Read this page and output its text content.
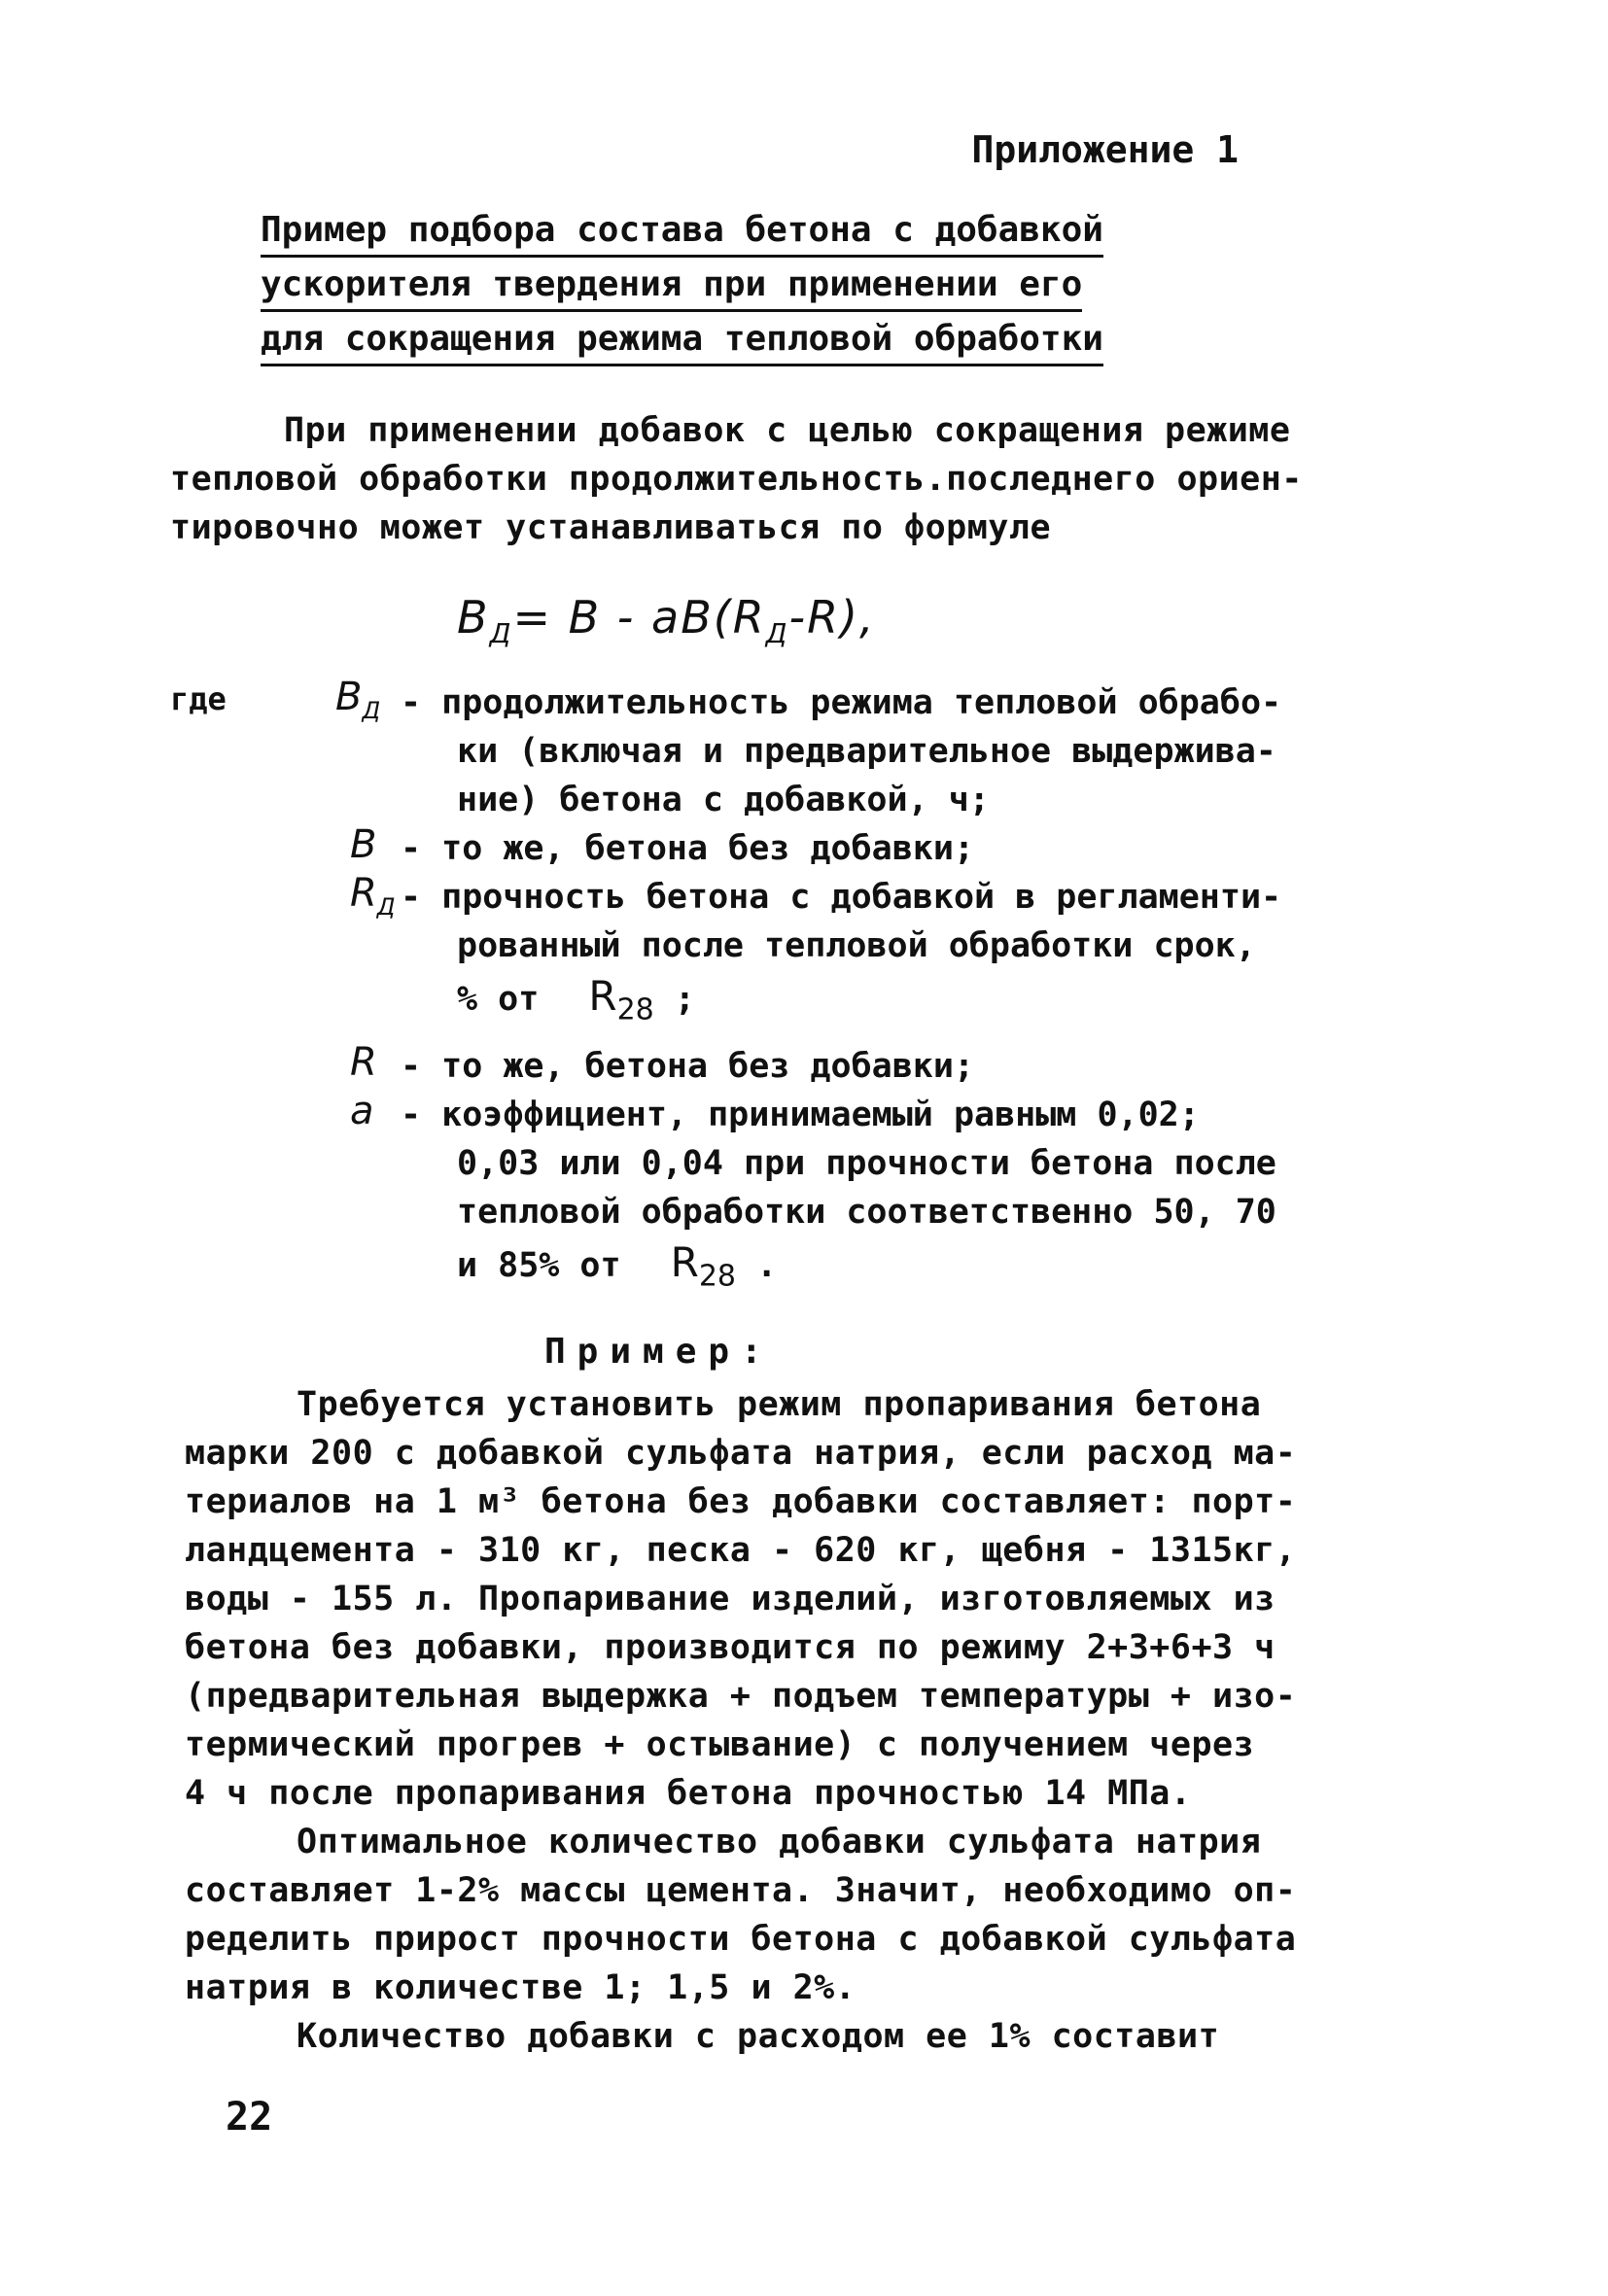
Приложение 1
Пример подбора состава бетона с добавкой
ускорителя твердения при применении его
для сокращения режима тепловой обработки
При применении добавок с целью сокращения режиме
тепловой обработки продолжительность.последнего ориен-
тировочно может устанавливаться по формуле
$B_Д= B - aB(R_Д-R)$,
где	$B_Д$ - продолжительность режима тепловой обрабо-
ки (включая и предварительное выдержива-
ние) бетона с добавкой, ч;
B - то же, бетона без добавки;
$R_Д$ - прочность бетона с добавкой в регламенти-
рованный после тепловой обработки срок,
% от $R_{28}$ ;
R - то же, бетона без добавки;
a - коэффициент, принимаемый равным 0,02;
0,03 или 0,04 при прочности бетона после
тепловой обработки соответственно 50, 70
и 85% от $R_{28}$ .
Пример:
Требуется установить режим пропаривания бетона
марки 200 с добавкой сульфата натрия, если расход ма-
териалов на 1 м³ бетона без добавки составляет: порт-
ландцемента - 310 кг, песка - 620 кг, щебня - 1315кг,
воды - 155 л. Пропаривание изделий, изготовляемых из
бетона без добавки, производится по режиму 2+3+6+3 ч
(предварительная выдержка + подъем температуры + изо-
термический прогрев + остывание) с получением через
4 ч после пропаривания бетона прочностью 14 МПа.
Оптимальное количество добавки сульфата натрия
составляет 1-2% массы цемента. Значит, необходимо оп-
ределить прирост прочности бетона с добавкой сульфата
натрия в количестве 1; 1,5 и 2%.
Количество добавки с расходом ее 1% составит
22
